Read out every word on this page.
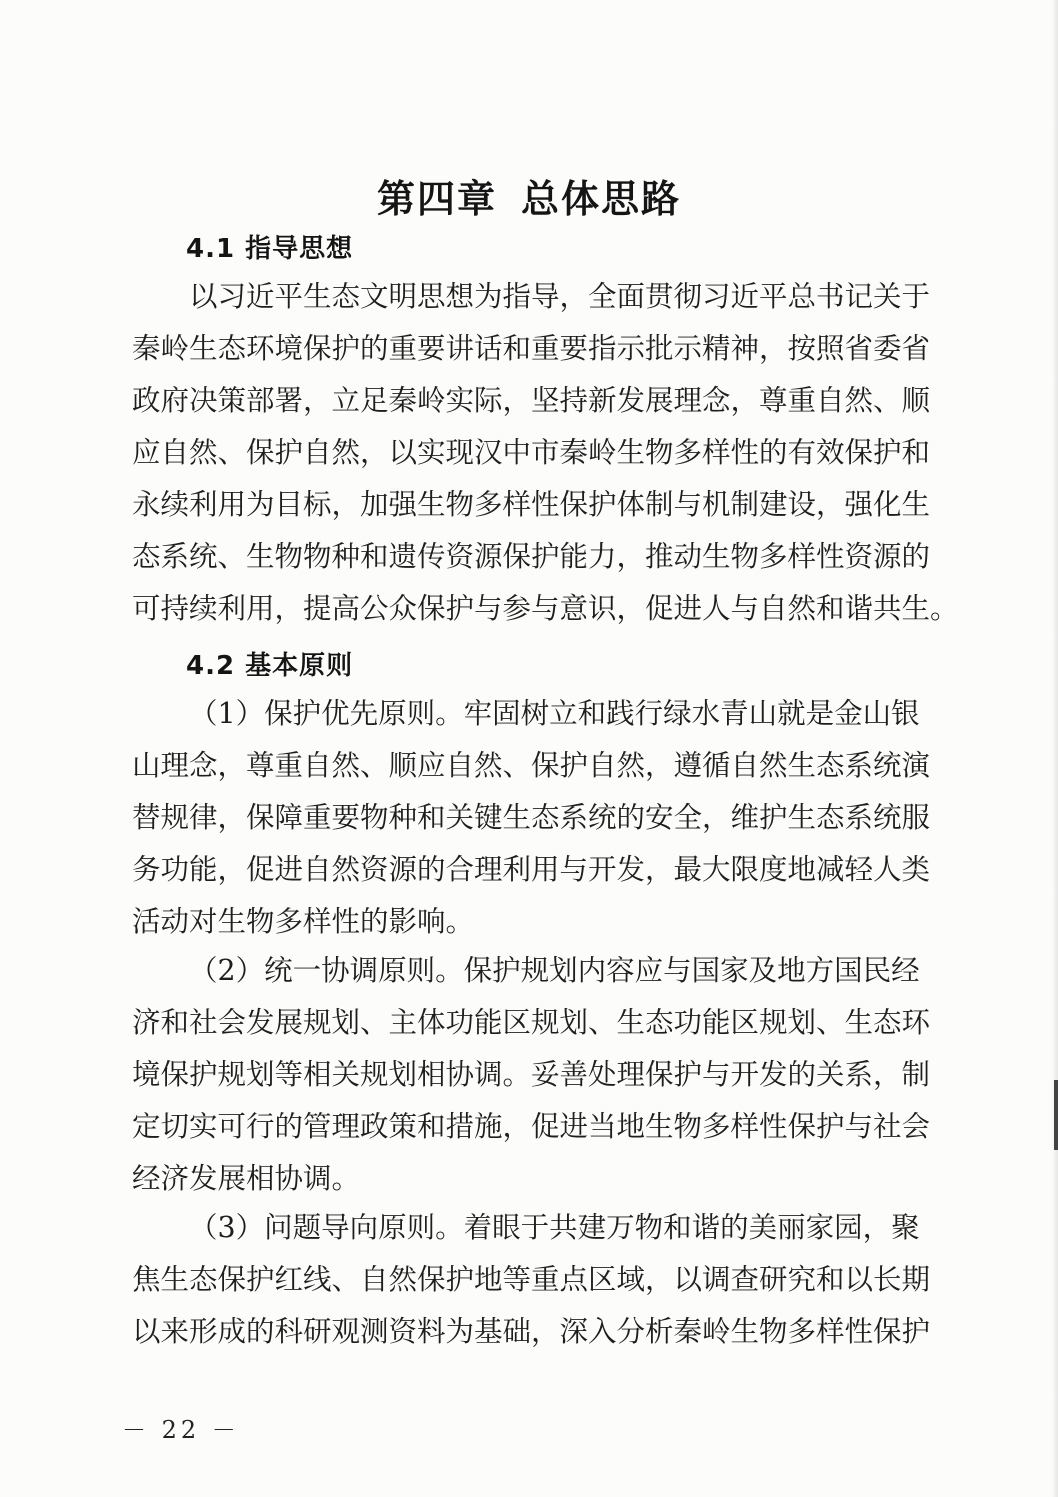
第四章 总体思路
4.1 指导思想
以习近平生态文明思想为指导，全面贯彻习近平总书记关于
秦岭生态环境保护的重要讲话和重要指示批示精神，按照省委省
政府决策部署，立足秦岭实际，坚持新发展理念，尊重自然、顺
应自然、保护自然，以实现汉中市秦岭生物多样性的有效保护和
永续利用为目标，加强生物多样性保护体制与机制建设，强化生
态系统、生物物种和遗传资源保护能力，推动生物多样性资源的
可持续利用，提高公众保护与参与意识，促进人与自然和谐共生。
4.2 基本原则
（1）保护优先原则。牢固树立和践行绿水青山就是金山银
山理念，尊重自然、顺应自然、保护自然，遵循自然生态系统演
替规律，保障重要物种和关键生态系统的安全，维护生态系统服
务功能，促进自然资源的合理利用与开发，最大限度地减轻人类
活动对生物多样性的影响。
（2）统一协调原则。保护规划内容应与国家及地方国民经
济和社会发展规划、主体功能区规划、生态功能区规划、生态环
境保护规划等相关规划相协调。妥善处理保护与开发的关系，制
定切实可行的管理政策和措施，促进当地生物多样性保护与社会
经济发展相协调。
（3）问题导向原则。着眼于共建万物和谐的美丽家园，聚
焦生态保护红线、自然保护地等重点区域，以调查研究和以长期
以来形成的科研观测资料为基础，深入分析秦岭生物多样性保护
－ 22 －
